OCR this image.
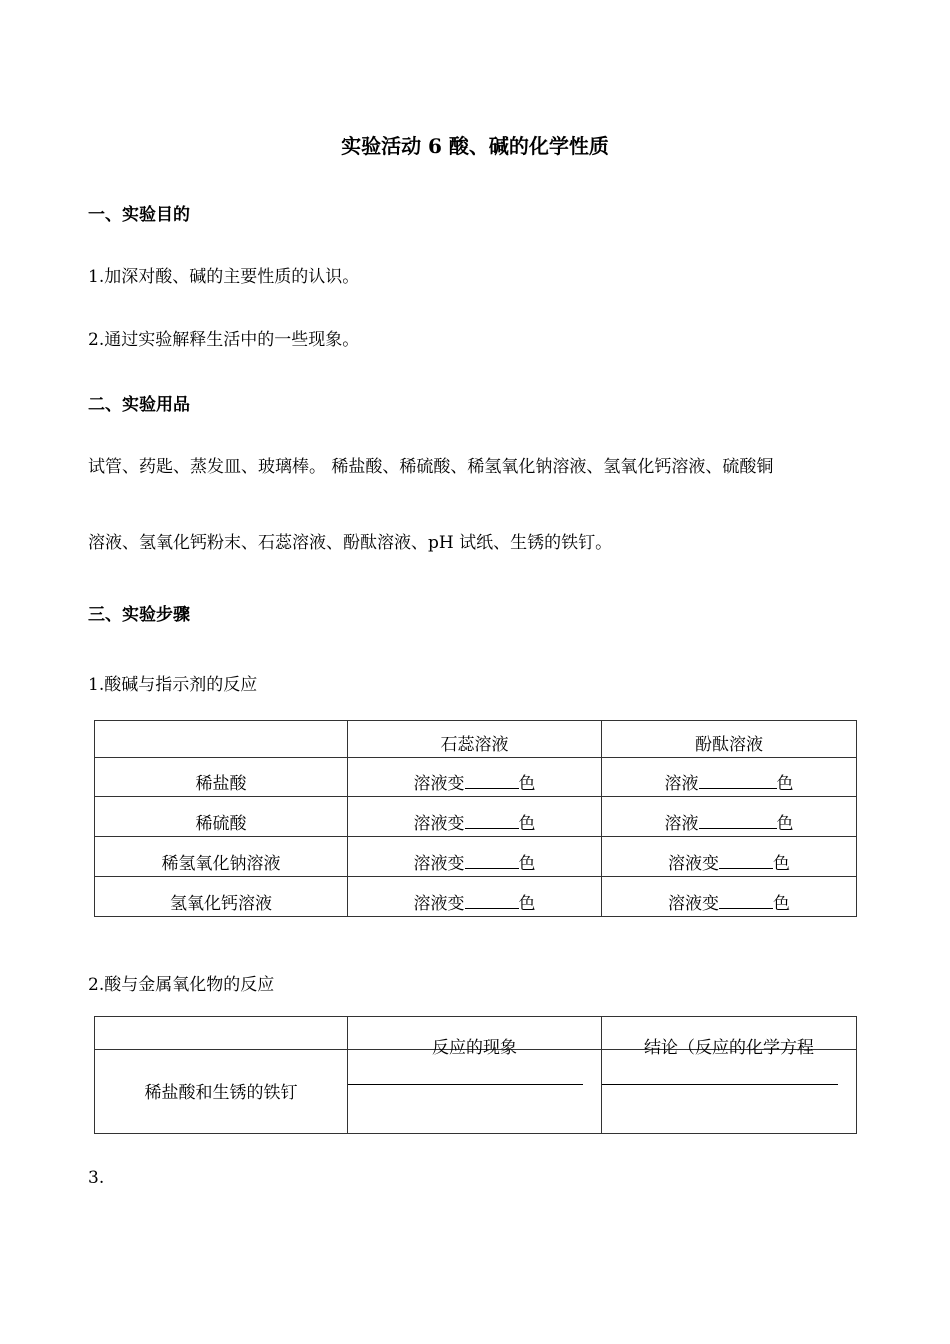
实验活动 6 酸、碱的化学性质
一、实验目的
1.加深对酸、碱的主要性质的认识。
2.通过实验解释生活中的一些现象。
二、实验用品
试管、药匙、蒸发皿、玻璃棒。 稀盐酸、稀硫酸、稀氢氧化钠溶液、氢氧化钙溶液、硫酸铜
溶液、氢氧化钙粉末、石蕊溶液、酚酞溶液、pH 试纸、生锈的铁钉。
三、实验步骤
1.酸碱与指示剂的反应
	石蕊溶液	酚酞溶液
稀盐酸	溶液变 色	溶液 色
稀硫酸	溶液变 色	溶液 色
稀氢氧化钠溶液	溶液变 色	溶液变 色
氢氧化钙溶液	溶液变 色	溶液变 色
2.酸与金属氧化物的反应

	反应的现象	结论（反应的化学方程

稀盐酸和生锈的铁钉	

3.
